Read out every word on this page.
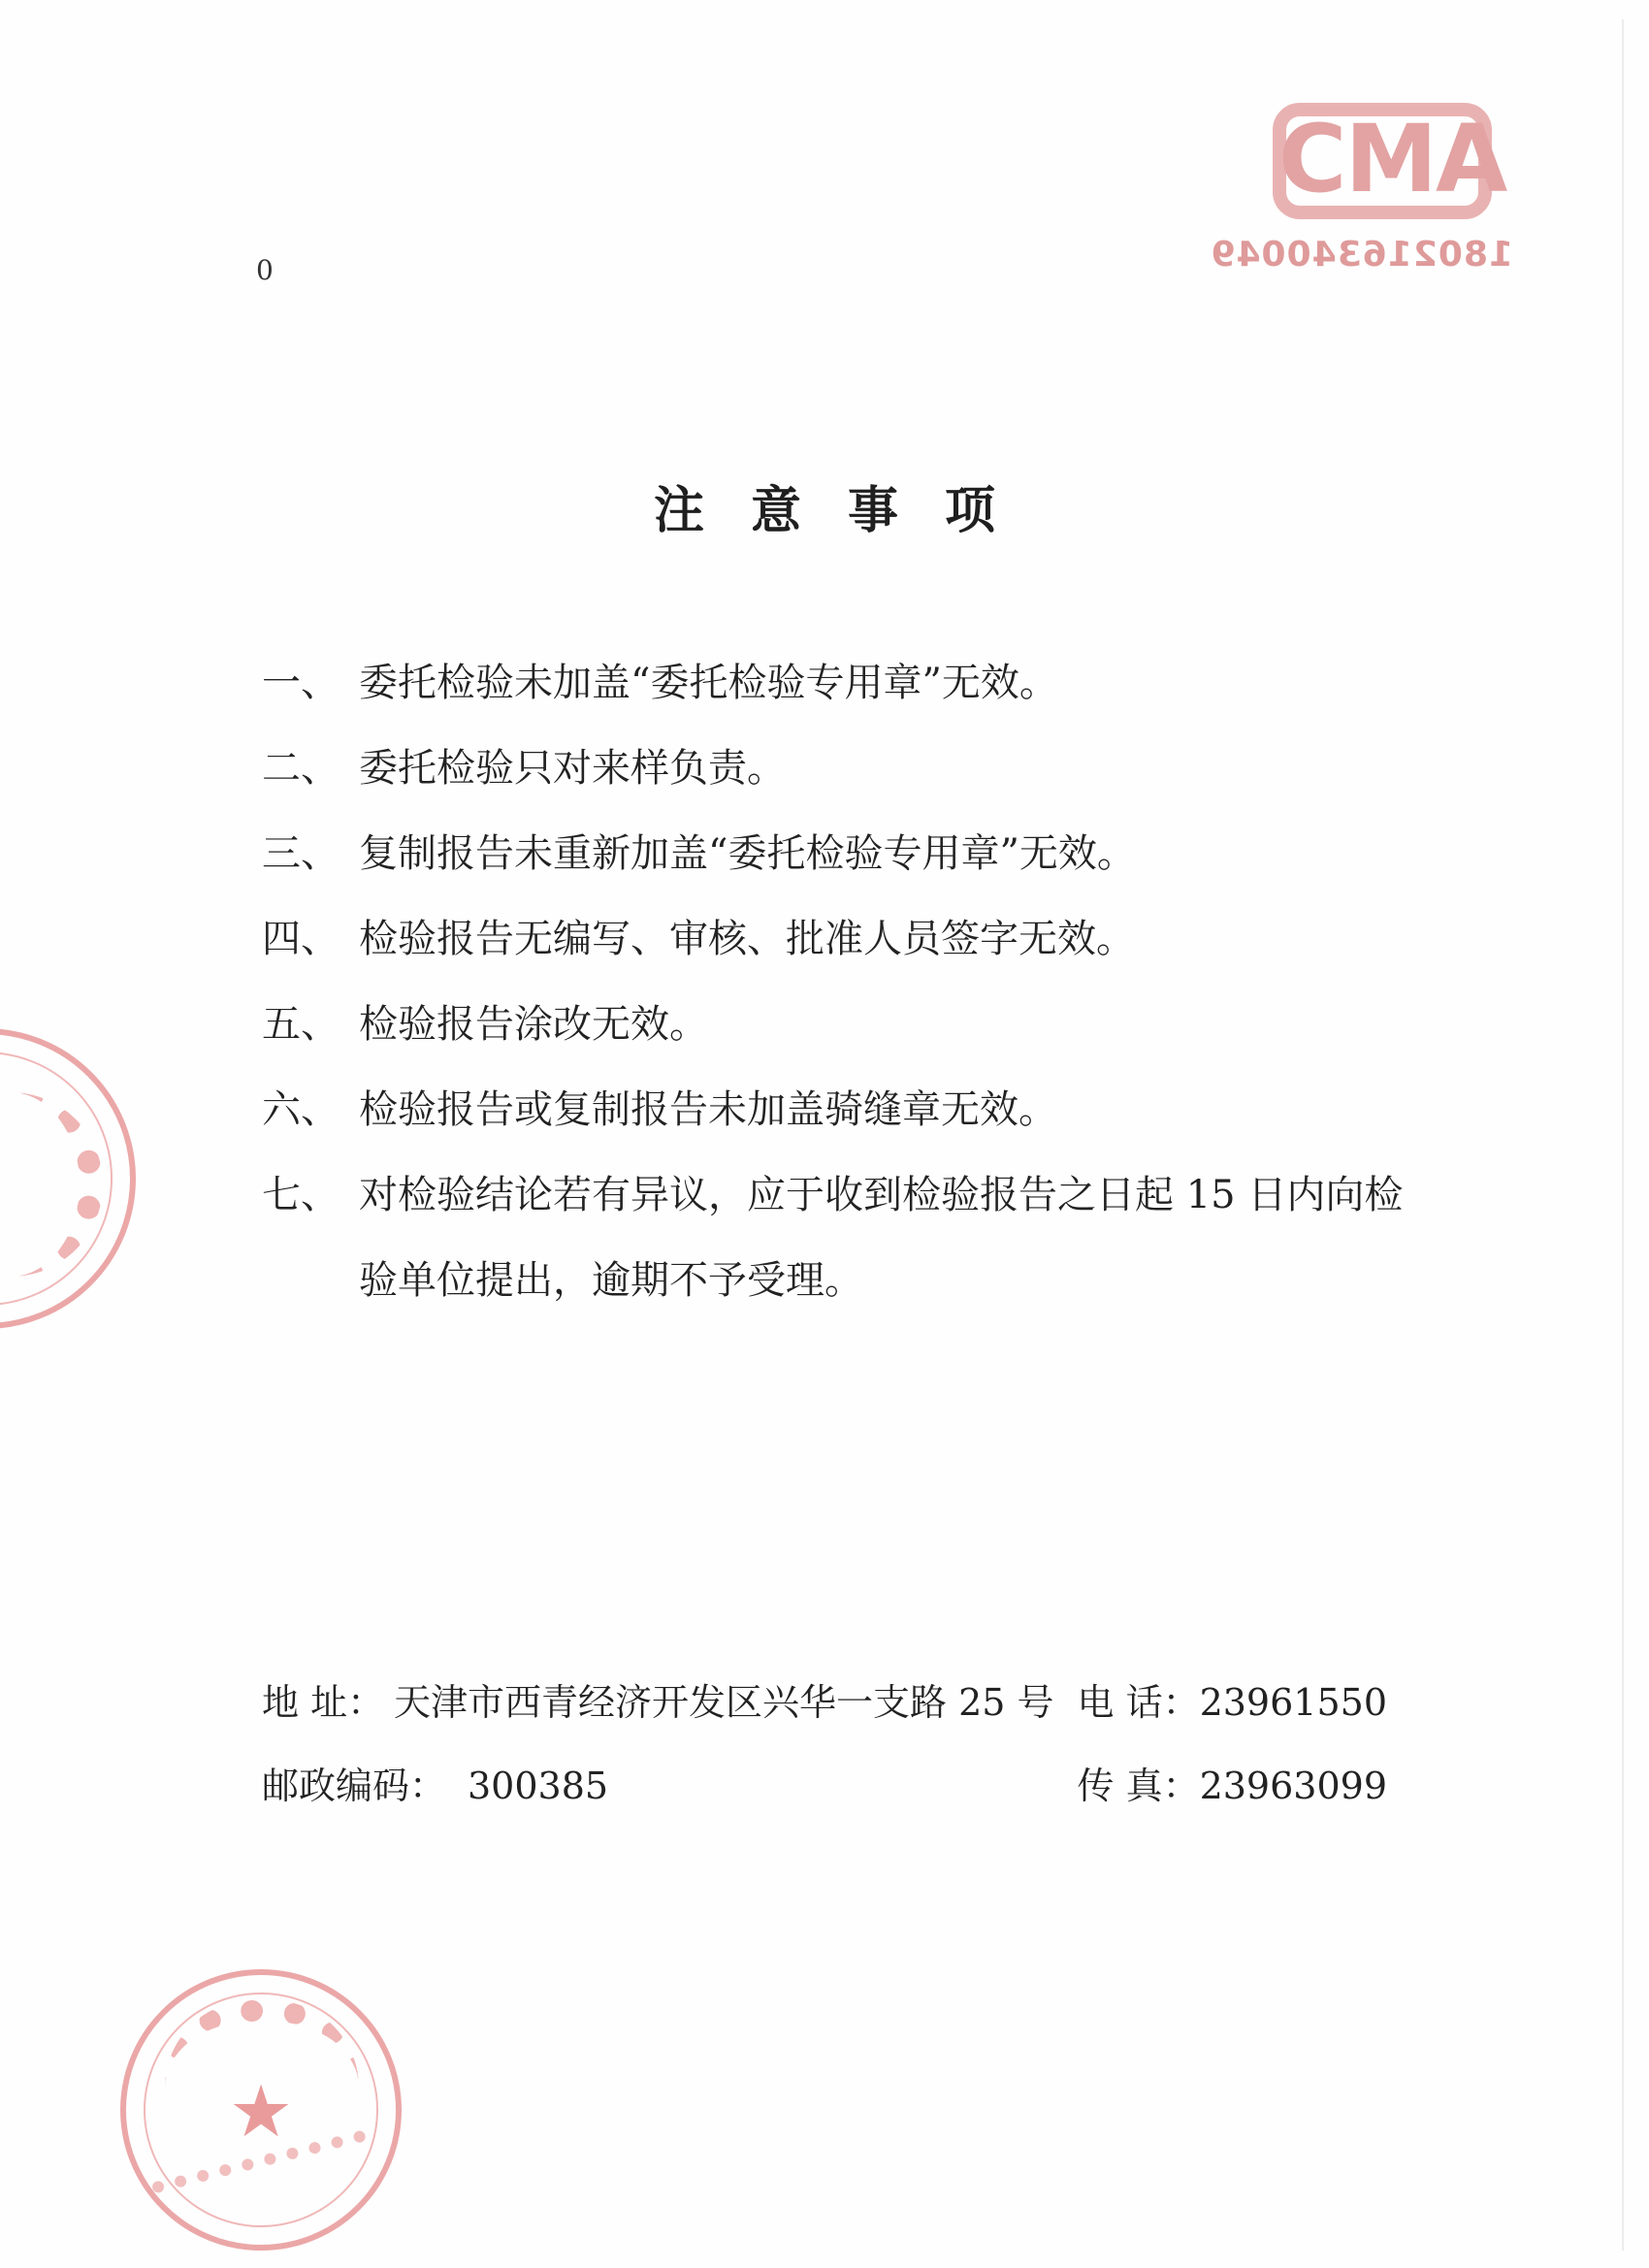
0
CMA
180216340049
注意事项
一、 委托检验未加盖“委托检验专用章”无效。
二、 委托检验只对来样负责。
三、 复制报告未重新加盖“委托检验专用章”无效。
四、 检验报告无编写、审核、批准人员签字无效。
五、 检验报告涂改无效。
六、 检验报告或复制报告未加盖骑缝章无效。
七、 对检验结论若有异议，应于收到检验报告之日起 15 日内向检验单位提出，逾期不予受理。
地 址： 天津市西青经济开发区兴华一支路 25 号 电 话：23961550
邮政编码： 300385	传 真：23963099
★
